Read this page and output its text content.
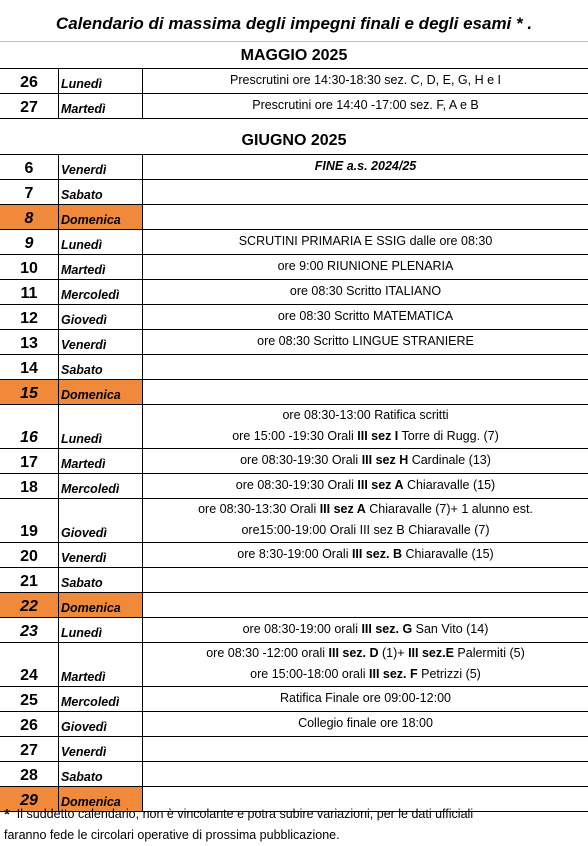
Calendario di massima degli impegni finali e degli esami * .
MAGGIO 2025
26	Lunedì	Prescrutini ore 14:30-18:30 sez. C, D, E, G, H e I
27	Martedì	Prescrutini ore 14:40 -17:00 sez. F, A e B
GIUGNO 2025
6	Venerdì	FINE a.s. 2024/25
7	Sabato	
8	Domenica	
9	Lunedì	SCRUTINI PRIMARIA E SSIG dalle ore 08:30
10	Martedì	ore 9:00 RIUNIONE PLENARIA
11	Mercoledì	ore 08:30 Scritto ITALIANO
12	Giovedì	ore 08:30 Scritto MATEMATICA
13	Venerdì	ore 08:30 Scritto LINGUE STRANIERE
14	Sabato	
15	Domenica	
16	Lunedì	ore 08:30-13:00 Ratifica scritti
ore 15:00 -19:30 Orali III sez I Torre di Rugg. (7)

17	Martedì	ore 08:30-19:30 Orali III sez H Cardinale (13)
18	Mercoledì	ore 08:30-19:30 Orali III sez A Chiaravalle (15)
19	Giovedì	ore 08:30-13:30 Orali III sez A Chiaravalle (7)+ 1 alunno est.
ore15:00-19:00 Orali III sez B Chiaravalle (7)

20	Venerdì	ore 8:30-19:00 Orali III sez. B Chiaravalle (15)
21	Sabato	
22	Domenica	
23	Lunedì	ore 08:30-19:00 orali III sez. G San Vito (14)
24	Martedì	ore 08:30 -12:00 orali III sez. D (1)+ III sez.E Palermiti (5)
ore 15:00-18:00 orali III sez. F Petrizzi (5)

25	Mercoledì	Ratifica Finale ore 09:00-12:00
26	Giovedì	Collegio finale ore 18:00
27	Venerdì	
28	Sabato	
29	Domenica	
* Il suddetto calendario, non è vincolante e potra subire variazioni, per le dati ufficiali
faranno fede le circolari operative di prossima pubblicazione.
